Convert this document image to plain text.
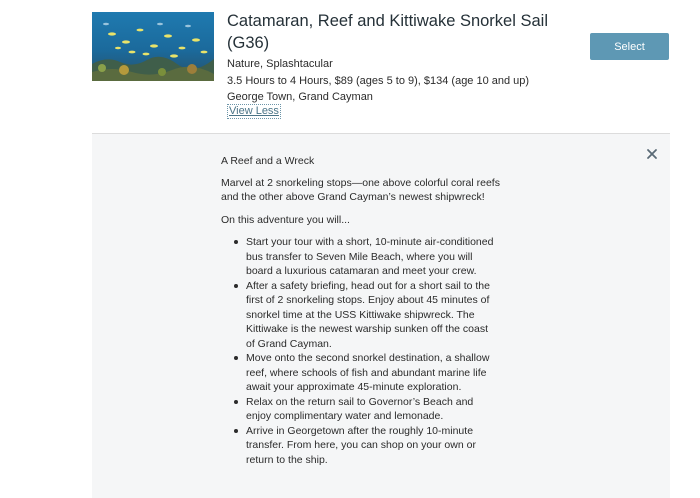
Catamaran, Reef and Kittiwake Snorkel Sail (G36)
Nature, Splashtacular
3.5 Hours to 4 Hours, $89 (ages 5 to 9), $134 (age 10 and up)
George Town, Grand Cayman
View Less
Select

A Reef and a Wreck

Marvel at 2 snorkeling stops—one above colorful coral reefs and the other above Grand Cayman’s newest shipwreck!

On this adventure you will...

Start your tour with a short, 10-minute air-conditioned bus transfer to Seven Mile Beach, where you will board a luxurious catamaran and meet your crew.
After a safety briefing, head out for a short sail to the first of 2 snorkeling stops. Enjoy about 45 minutes of snorkel time at the USS Kittiwake shipwreck. The Kittiwake is the newest warship sunken off the coast of Grand Cayman.
Move onto the second snorkel destination, a shallow reef, where schools of fish and abundant marine life await your approximate 45-minute exploration.
Relax on the return sail to Governor’s Beach and enjoy complimentary water and lemonade.
Arrive in Georgetown after the roughly 10-minute transfer. From here, you can shop on your own or return to the ship.
